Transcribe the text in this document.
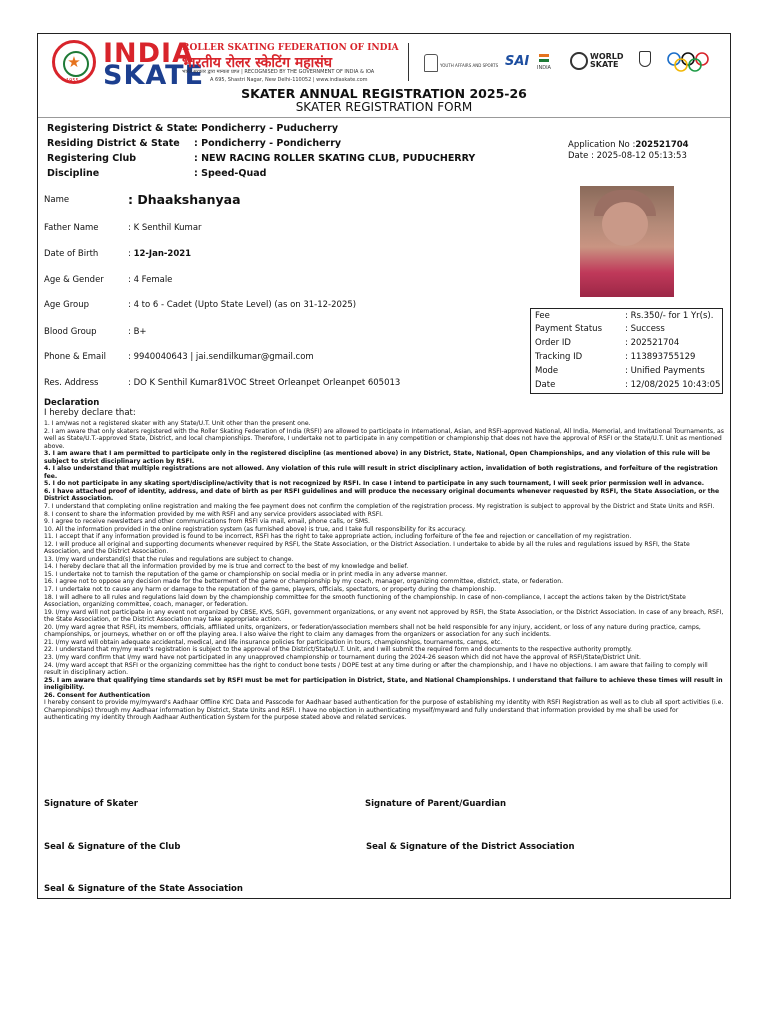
★
1955
INDIA
SKATE
ROLLER SKATING FEDERATION OF INDIA
भारतीय रोलर स्केटिंग महासंघ
भारत सरकार द्वारा मान्यता प्राप्त | RECOGNISED BY THE GOVERNMENT OF INDIA & IOA
A 695, Shastri Nagar, New Delhi-110052 | www.indiaskate.com
YOUTH AFFAIRS AND SPORTS SAI INDIA
WORLD
SKATE
SKATER ANNUAL REGISTRATION 2025-26
SKATER REGISTRATION FORM
Registering District & State
: Pondicherry - Puducherry
Residing District & State : Pondicherry - Pondicherry
Registering Club	: NEW RACING ROLLER SKATING CLUB, PUDUCHERRY
Discipline	: Speed-Quad
Application No :202521704
Date : 2025-08-12 05:13:53
Name	: Dhaakshanyaa
Father Name	: K Senthil Kumar
Date of Birth	: 12-Jan-2021
Age & Gender	: 4 Female
Age Group	: 4 to 6 - Cadet (Upto State Level) (as on 31-12-2025)
Blood Group	: B+
Phone & Email	: 9940040643 | jai.sendilkumar@gmail.com
Res. Address	: DO K Senthil Kumar81VOC Street Orleanpet Orleanpet 605013
Fee	: Rs.350/- for 1 Yr(s).
Payment Status	: Success
Order ID	: 202521704
Tracking ID	: 113893755129
Mode	: Unified Payments
Date	: 12/08/2025 10:43:05
Declaration
I hereby declare that:

1. I am/was not a registered skater with any State/U.T. Unit other than the present one.

2. I am aware that only skaters registered with the Roller Skating Federation of India (RSFI) are allowed to participate in International, Asian, and RSFI-approved National, All India, Memorial, and Invitational Tournaments, as well as State/U.T.-approved State, District, and local championships. Therefore, I undertake not to participate in any competition or championship that does not have the approval of RSFI or the State/U.T. Unit as mentioned above.

3. I am aware that I am permitted to participate only in the registered discipline (as mentioned above) in any District, State, National, Open Championships, and any violation of this rule will be subject to strict disciplinary action by RSFI.

4. I also understand that multiple registrations are not allowed. Any violation of this rule will result in strict disciplinary action, invalidation of both registrations, and forfeiture of the registration fee.

5. I do not participate in any skating sport/discipline/activity that is not recognized by RSFI. In case I intend to participate in any such tournament, I will seek prior permission well in advance.

6. I have attached proof of identity, address, and date of birth as per RSFI guidelines and will produce the necessary original documents whenever requested by RSFI, the State Association, or the District Association.

7. I understand that completing online registration and making the fee payment does not confirm the completion of the registration process. My registration is subject to approval by the District and State Units and RSFI.

8. I consent to share the information provided by me with RSFI and any service providers associated with RSFI.

9. I agree to receive newsletters and other communications from RSFI via mail, email, phone calls, or SMS.

10. All the information provided in the online registration system (as furnished above) is true, and I take full responsibility for its accuracy.

11. I accept that if any information provided is found to be incorrect, RSFI has the right to take appropriate action, including forfeiture of the fee and rejection or cancellation of my registration.

12. I will produce all original and supporting documents whenever required by RSFI, the State Association, or the District Association. I undertake to abide by all the rules and regulations issued by RSFI, the State Association, and the District Association.

13. I/my ward understand(s) that the rules and regulations are subject to change.

14. I hereby declare that all the information provided by me is true and correct to the best of my knowledge and belief.

15. I undertake not to tarnish the reputation of the game or championship on social media or in print media in any adverse manner.

16. I agree not to oppose any decision made for the betterment of the game or championship by my coach, manager, organizing committee, district, state, or federation.

17. I undertake not to cause any harm or damage to the reputation of the game, players, officials, spectators, or property during the championship.

18. I will adhere to all rules and regulations laid down by the championship committee for the smooth functioning of the championship. In case of non-compliance, I accept the actions taken by the District/State Association, organizing committee, coach, manager, or federation.

19. I/my ward will not participate in any event not organized by CBSE, KVS, SGFI, government organizations, or any event not approved by RSFI, the State Association, or the District Association. In case of any breach, RSFI, the State Association, or the District Association may take appropriate action.

20. I/my ward agree that RSFI, its members, officials, affiliated units, organizers, or federation/association members shall not be held responsible for any injury, accident, or loss of any nature during practice, camps, championships, or journeys, whether on or off the playing area. I also waive the right to claim any damages from the organizers or association for any such incidents.

21. I/my ward will obtain adequate accidental, medical, and life insurance policies for participation in tours, championships, tournaments, camps, etc.

22. I understand that my/my ward's registration is subject to the approval of the District/State/U.T. Unit, and I will submit the required form and documents to the respective authority promptly.

23. I/my ward confirm that I/my ward have not participated in any unapproved championship or tournament during the 2024-26 season which did not have the approval of RSFI/State/District Unit.

24. I/my ward accept that RSFI or the organizing committee has the right to conduct bone tests / DOPE test at any time during or after the championship, and I have no objections. I am aware that failing to comply will result in disciplinary action.

25. I am aware that qualifying time standards set by RSFI must be met for participation in District, State, and National Championships. I understand that failure to achieve these times will result in ineligibility.

26. Consent for Authentication

I hereby consent to provide my/myward's Aadhaar Offline KYC Data and Passcode for Aadhaar based authentication for the purpose of establishing my identity with RSFI Registration as well as to club all sport activities (i.e. Championships) through my Aadhaar information by District, State Units and RSFI. I have no objection in authenticating myself/myward and fully understand that information provided by me shall be used for authenticating my identity through Aadhaar Authentication System for the purpose stated above and related services.

Signature of Skater	Signature of Parent/Guardian
Seal & Signature of the Club	Seal & Signature of the District Association
Seal & Signature of the State Association
